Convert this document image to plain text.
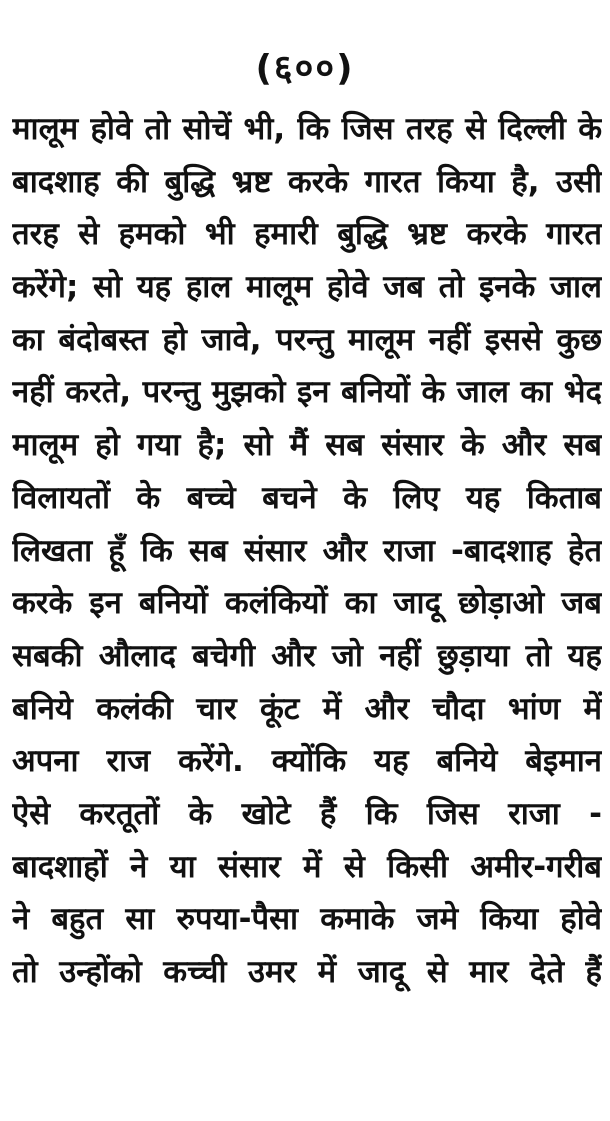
(६००)
मालूम होवे तो सोचें भी, कि जिस तरह से दिल्ली के
बादशाह की बुद्धि भ्रष्ट करके गारत किया है, उसी
तरह से हमको भी हमारी बुद्धि भ्रष्ट करके गारत
करेंगे; सो यह हाल मालूम होवे जब तो इनके जाल
का बंदोबस्त हो जावे, परन्तु मालूम नहीं इससे कुछ
नहीं करते, परन्तु मुझको इन बनियों के जाल का भेद
मालूम हो गया है; सो मैं सब संसार के और सब
विलायतों के बच्चे बचने के लिए यह किताब
लिखता हूँ कि सब संसार और राजा -बादशाह हेत
करके इन बनियों कलंकियों का जादू छोड़ाओ जब
सबकी औलाद बचेगी और जो नहीं छुड़ाया तो यह
बनिये कलंकी चार कूंट में और चौदा भांण में
अपना राज करेंगे. क्योंकि यह बनिये बेइमान
ऐसे करतूतों के खोटे हैं कि जिस राजा -
बादशाहों ने या संसार में से किसी अमीर-गरीब
ने बहुत सा रुपया-पैसा कमाके जमे किया होवे
तो उन्होंको कच्ची उमर में जादू से मार देते हैं
